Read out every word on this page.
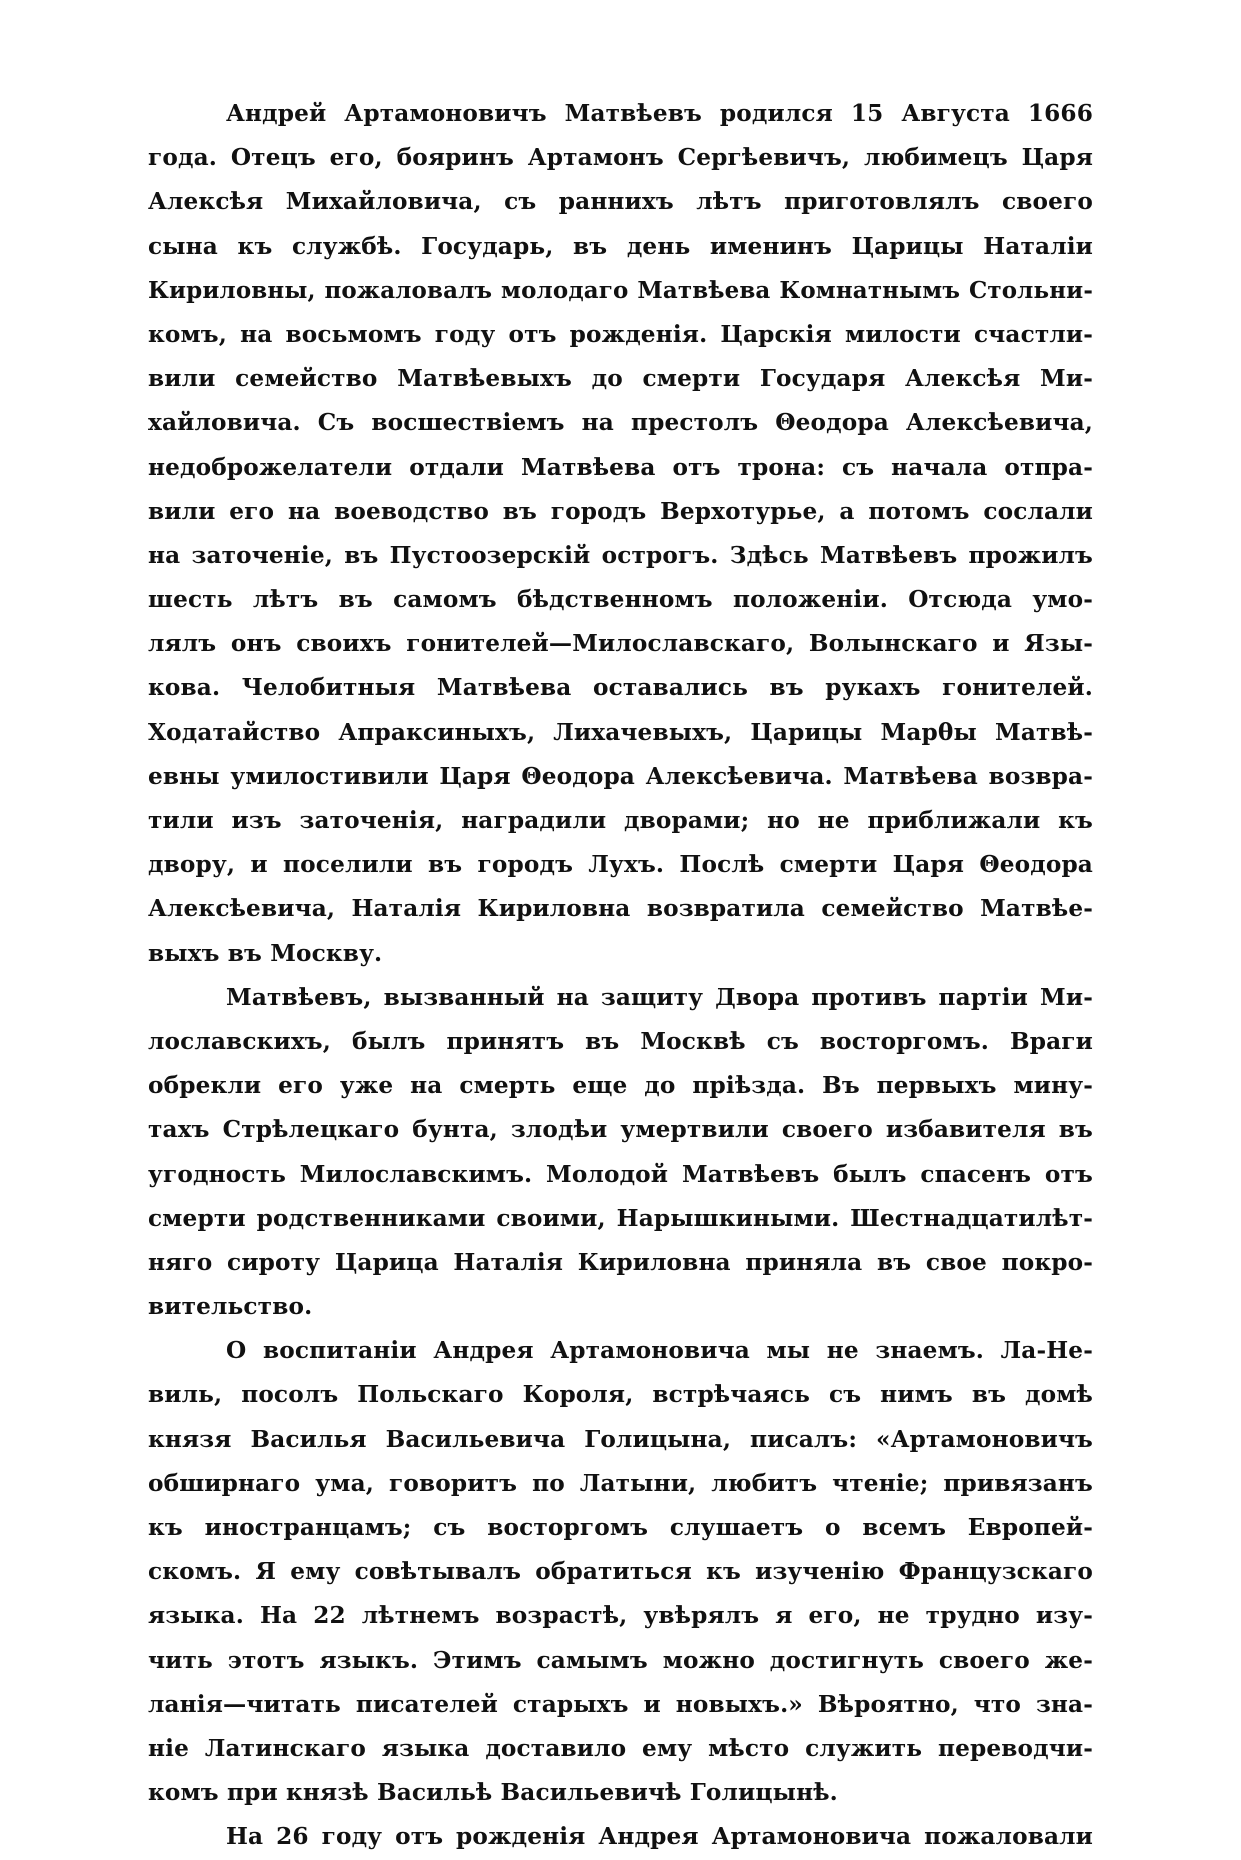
Андрей Артамоновичъ Матвѣевъ родился 15 Августа 1666
года. Отецъ его, бояринъ Артамонъ Сергѣевичъ, любимецъ Царя
Алексѣя Михайловича, съ раннихъ лѣтъ приготовлялъ своего
сына къ службѣ. Государь, въ день именинъ Царицы Наталіи
Кириловны, пожаловалъ молодаго Матвѣева Комнатнымъ Стольни-
комъ, на восьмомъ году отъ рожденія. Царскія милости счастли-
вили семейство Матвѣевыхъ до смерти Государя Алексѣя Ми-
хайловича. Съ восшествіемъ на престолъ Θеодора Алексѣевича,
недоброжелатели отдали Матвѣева отъ трона: съ начала отпра-
вили его на воеводство въ городъ Верхотурье, а потомъ сослали
на заточеніе, въ Пустоозерскій острогъ. Здѣсь Матвѣевъ прожилъ
шесть лѣтъ въ самомъ бѣдственномъ положеніи. Отсюда умо-
лялъ онъ своихъ гонителей—Милославскаго, Волынскаго и Язы-
кова. Челобитныя Матвѣева оставались въ рукахъ гонителей.
Ходатайство Апраксиныхъ, Лихачевыхъ, Царицы Марθы Матвѣ-
евны умилостивили Царя Θеодора Алексѣевича. Матвѣева возвра-
тили изъ заточенія, наградили дворами; но не приближали къ
двору, и поселили въ городъ Лухъ. Послѣ смерти Царя Θеодора
Алексѣевича, Наталія Кириловна возвратила семейство Матвѣе-
выхъ въ Москву.
Матвѣевъ, вызванный на защиту Двора противъ партіи Ми-
лославскихъ, былъ принятъ въ Москвѣ съ восторгомъ. Враги
обрекли его уже на смерть еще до пріѣзда. Въ первыхъ мину-
тахъ Стрѣлецкаго бунта, злодѣи умертвили своего избавителя въ
угодность Милославскимъ. Молодой Матвѣевъ былъ спасенъ отъ
смерти родственниками своими, Нарышкиными. Шестнадцатилѣт-
няго сироту Царица Наталія Кириловна приняла въ свое покро-
вительство.
О воспитаніи Андрея Артамоновича мы не знаемъ. Ла-Не-
виль, посолъ Польскаго Короля, встрѣчаясь съ нимъ въ домѣ
князя Василья Васильевича Голицына, писалъ: «Артамоновичъ
обширнаго ума, говоритъ по Латыни, любитъ чтеніе; привязанъ
къ иностранцамъ; съ восторгомъ слушаетъ о всемъ Европей-
скомъ. Я ему совѣтывалъ обратиться къ изученію Французскаго
языка. На 22 лѣтнемъ возрастѣ, увѣрялъ я его, не трудно изу-
чить этотъ языкъ. Этимъ самымъ можно достигнуть своего же-
ланія—читать писателей старыхъ и новыхъ.» Вѣроятно, что зна-
ніе Латинскаго языка доставило ему мѣсто служить переводчи-
комъ при князѣ Васильѣ Васильевичѣ Голицынѣ.
На 26 году отъ рожденія Андрея Артамоновича пожаловали
